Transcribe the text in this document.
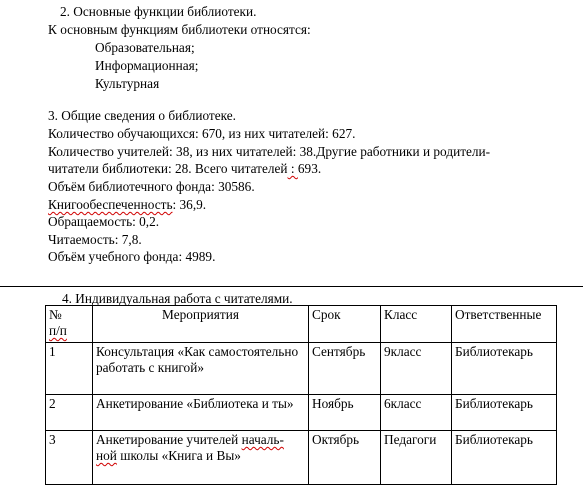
2. Основные функции библиотеки.
К основным функциям библиотеки относятся:
Образовательная;
Информационная;
Культурная
3. Общие сведения о библиотеке.
Количество обучающихся: 670, из них читателей: 627.
Количество учителей: 38, из них читателей: 38.Другие работники и родители-
читатели библиотеки: 28. Всего читателей : 693.
Объём библиотечного фонда: 30586.
Книгообеспеченность: 36,9.
Обращаемость: 0,2.
Читаемость: 7,8.
Объём учебного фонда: 4989.
4. Индивидуальная работа с читателями.
№
п/п	Мероприятия	Срок	Класс	Ответственные
1	Консультация «Как самостоятельно работать с книгой»	Сентябрь	9класс	Библиотекарь
2	Анкетирование «Библиотека и ты»	Ноябрь	6класс	Библиотекарь
3	Анкетирование учителей началь- ной школы «Книга и Вы»	Октябрь	Педагоги	Библиотекарь
